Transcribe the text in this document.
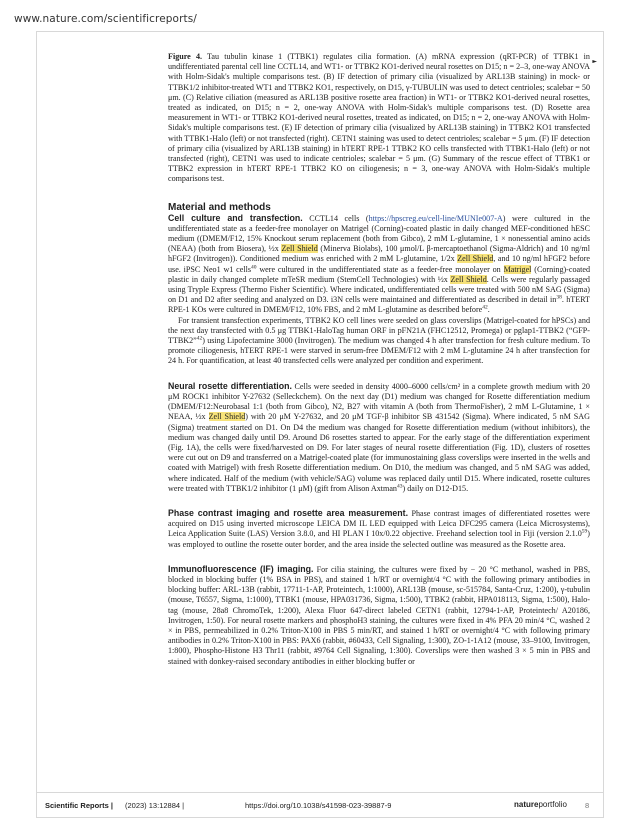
www.nature.com/scientificreports/
►

Figure 4. Tau tubulin kinase 1 (TTBK1) regulates cilia formation. (A) mRNA expression (qRT-PCR) of TTBK1 in undifferentiated parental cell line CCTL14, and WT1- or TTBK2 KO1-derived neural rosettes on D15; n = 2–3, one-way ANOVA with Holm-Sidak's multiple comparisons test. (B) IF detection of primary cilia (visualized by ARL13B staining) in mock- or TTBK1/2 inhibitor-treated WT1 and TTBK2 KO1, respectively, on D15, γ-TUBULIN was used to detect centrioles; scalebar = 50 μm. (C) Relative ciliation (measured as ARL13B positive rosette area fraction) in WT1- or TTBK2 KO1-derived neural rosettes, treated as indicated, on D15; n = 2, one-way ANOVA with Holm-Sidak's multiple comparisons test. (D) Rosette area measurement in WT1- or TTBK2 KO1-derived neural rosettes, treated as indicated, on D15; n = 2, one-way ANOVA with Holm-Sidak's multiple comparisons test. (E) IF detection of primary cilia (visualized by ARL13B staining) in TTBK2 KO1 transfected with TTBK1-Halo (left) or not transfected (right). CETN1 staining was used to detect centrioles; scalebar = 5 μm. (F) IF detection of primary cilia (visualized by ARL13B staining) in hTERT RPE-1 TTBK2 KO cells transfected with TTBK1-Halo (left) or not transfected (right), CETN1 was used to indicate centrioles; scalebar = 5 μm. (G) Summary of the rescue effect of TTBK1 or TTBK2 expression in hTERT RPE-1 TTBK2 KO on ciliogenesis; n = 3, one-way ANOVA with Holm-Sidak's multiple comparisons test.

Material and methods

Cell culture and transfection. CCTL14 cells (https://hpscreg.eu/cell-line/MUNIe007-A) were cultured in the undifferentiated state as a feeder-free monolayer on Matrigel (Corning)-coated plastic in daily changed MEF-conditioned hESC medium ((DMEM/F12, 15% Knockout serum replacement (both from Gibco), 2 mM L-glutamine, 1 × nonessential amino acids (NEAA) (both from Biosera), ½x Zell Shield (Minerva Biolabs), 100 μmol/L β-mercaptoethanol (Sigma-Aldrich) and 10 ng/ml hFGF2 (Invitrogen)). Conditioned medium was enriched with 2 mM L-glutamine, 1/2x Zell Shield, and 10 ng/ml hFGF2 before use. iPSC Neo1 w1 cells$^{40}$ were cultured in the undifferentiated state as a feeder-free monolayer on Matrigel (Corning)-coated plastic in daily changed complete mTeSR medium (StemCell Technologies) with ½x Zell Shield. Cells were regularly passaged using Tryple Express (Thermo Fisher Scientific). Where indicated, undifferentiated cells were treated with 500 nM SAG (Sigma) on D1 and D2 after seeding and analyzed on D3. i3N cells were maintained and differentiated as described in detail $in^{38}$. hTERT RPE-1 KOs were cultured in DMEM/F12, 10% FBS, and 2 mM L-glutamine as described before$^{42}$.

For transient transfection experiments, TTBK2 KO cell lines were seeded on glass coverslips (Matrigel-coated for hPSCs) and the next day transfected with 0.5 μg TTBK1-HaloTag human ORF in pFN21A (FHC12512, Promega) or pglap1-TTBK2 (“GFP-TTBK2”$^{42}$) using Lipofectamine 3000 (Invitrogen). The medium was changed 4 h after transfection for fresh culture medium. To promote ciliogenesis, hTERT RPE-1 were starved in serum-free DMEM/F12 with 2 mM L-glutamine 24 h after transfection for 24 h. For quantification, at least 40 transfected cells were analyzed per condition and experiment.

Neural rosette differentiation. Cells were seeded in density 4000–6000 cells/cm² in a complete growth medium with 20 μM ROCK1 inhibitor Y-27632 (Selleckchem). On the next day (D1) medium was changed for Rosette differentiation medium (DMEM/F12:Neurobasal 1:1 (both from Gibco), N2, B27 with vitamin A (both from ThermoFisher), 2 mM L-Glutamine, 1 × NEAA, ½x Zell Shield) with 20 μM Y-27632, and 20 μM TGF-β inhibitor SB 431542 (Sigma). Where indicated, 5 nM SAG (Sigma) treatment started on D1. On D4 the medium was changed for Rosette differentiation medium (without inhibitors), the medium was changed daily until D9. Around D6 rosettes started to appear. For the early stage of the differentiation experiment (Fig. 1A), the cells were fixed/harvested on D9. For later stages of neural rosette differentiation (Fig. 1D), clusters of rosettes were cut out on D9 and transferred on a Matrigel-coated plate (for immunostaining glass coverslips were inserted in the wells and coated with Matrigel) with fresh Rosette differentiation medium. On D10, the medium was changed, and 5 nM SAG was added, where indicated. Half of the medium (with vehicle/SAG) volume was replaced daily until D15. Where indicated, rosette cultures were treated with TTBK1/2 inhibitor (1 μM) (gift from Alison Axtman$^{43}$) daily on D12-D15.

Phase contrast imaging and rosette area measurement. Phase contrast images of differentiated rosettes were acquired on D15 using inverted microscope LEICA DM IL LED equipped with Leica DFC295 camera (Leica Microsystems), Leica Application Suite (LAS) Version 3.8.0, and HI PLAN I 10x/0.22 objective. Freehand selection tool in Fiji (version 2.1.0$^{59}$) was employed to outline the rosette outer border, and the area inside the selected outline was measured as the Rosette area.

Immunofluorescence (IF) imaging. For cilia staining, the cultures were fixed by − 20 °C methanol, washed in PBS, blocked in blocking buffer (1% BSA in PBS), and stained 1 h/RT or overnight/4 °C with the following primary antibodies in blocking buffer: ARL-13B (rabbit, 17711-1-AP, Proteintech, 1:1000), ARL13B (mouse, sc-515784, Santa-Cruz, 1:200), γ-tubulin (mouse, T6557, Sigma, 1:1000), TTBK1 (mouse, HPA031736, Sigma, 1:500), TTBK2 (rabbit, HPA018113, Sigma, 1:500), Halo-tag (mouse, 28a8 ChromoTek, 1:200), Alexa Fluor 647-direct labeled CETN1 (rabbit, 12794-1-AP, Proteintech/ A20186, Invitrogen, 1:50). For neural rosette markers and phosphoH3 staining, the cultures were fixed in 4% PFA 20 min/4 °C, washed 2 × in PBS, permeabilized in 0.2% Triton-X100 in PBS 5 min/RT, and stained 1 h/RT or overnight/4 °C with following primary antibodies in 0.2% Triton-X100 in PBS: PAX6 (rabbit, #60433, Cell Signaling, 1:300), ZO-1-1A12 (mouse, 33–9100, Invitrogen, 1:800), Phospho-Histone H3 Thr11 (rabbit, #9764 Cell Signaling, 1:300). Coverslips were then washed 3 × 5 min in PBS and stained with donkey-raised secondary antibodies in either blocking buffer or

Scientific Reports | (2023) 13:12884 |	https://doi.org/10.1038/s41598-023-39887-9	natureportfolio 8
